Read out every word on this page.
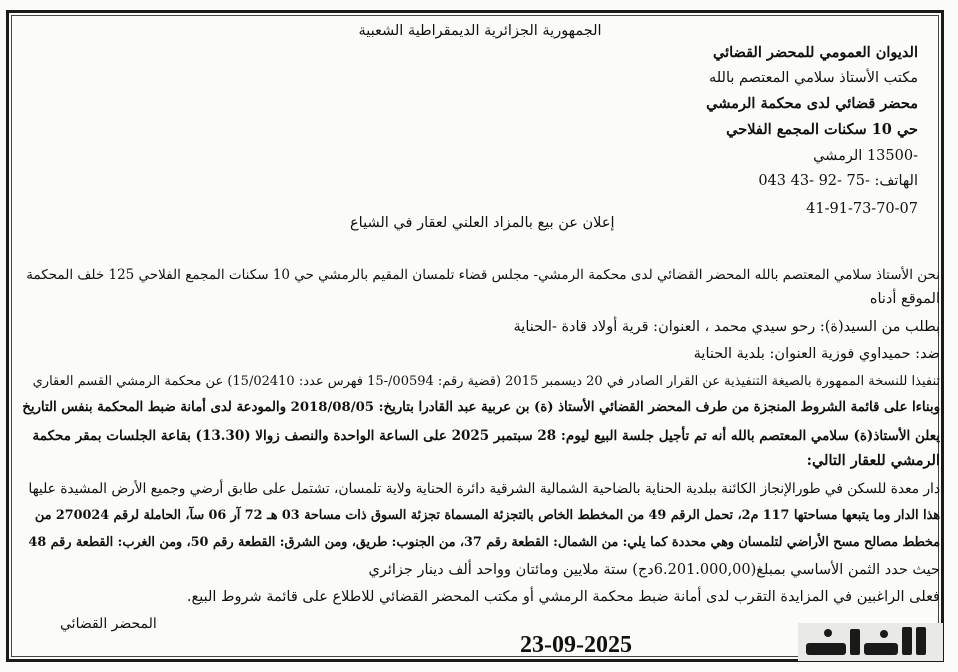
الجمهورية الجزائرية الديمقراطية الشعبية
الديوان العمومي للمحضر القضائي
مكتب الأستاذ سلامي المعتصم بالله
محضر قضائي لدى محكمة الرمشي
حي 10 سكنات المجمع الفلاحي
-13500 الرمشي
الهاتف: -75 -92 -43 043
41-91-73-70-07
إعلان عن بيع بالمزاد العلني لعقار في الشياع
نحن الأستاذ سلامي المعتصم بالله المحضر القضائي لدى محكمة الرمشي- مجلس قضاء تلمسان المقيم بالرمشي حي 10 سكنات المجمع الفلاحي 125 خلف المحكمة
الموقع أدناه
بطلب من السيد(ة): رحو سيدي محمد ، العنوان: قرية أولاد قادة -الحناية
ضد: حميداوي فوزية العنوان: بلدية الحناية
تنفيذا للنسخة الممهورة بالصيغة التنفيذية عن القرار الصادر في 20 ديسمبر 2015 (قضية رقم: 00594/-15 فهرس عدد: 15/02410) عن محكمة الرمشي القسم العقاري
وبناءا على قائمة الشروط المنجزة من طرف المحضر القضائي الأستاذ (ة) بن عربية عبد القادرا بتاريخ: 2018/08/05 والمودعة لدى أمانة ضبط المحكمة بنفس التاريخ
يعلن الأستاذ(ة) سلامي المعتصم بالله أنه تم تأجيل جلسة البيع ليوم: 28 سبتمبر 2025 على الساعة الواحدة والنصف زوالا (13.30) بقاعة الجلسات بمقر محكمة
الرمشي للعقار التالي:
دار معدة للسكن في طورالإنجاز الكائنة ببلدية الحناية بالضاحية الشمالية الشرقية دائرة الحناية ولاية تلمسان، تشتمل على طابق أرضي وجميع الأرض المشيدة عليها
هذا الدار وما يتبعها مساحتها 117 م2، تحمل الرقم 49 من المخطط الخاص بالتجزئة المسماة تجزئة السوق ذات مساحة 03 هـ 72 آر 06 سآ، الحاملة لرقم 270024 من
مخطط مصالح مسح الأراضي لتلمسان وهي محددة كما يلي: من الشمال: القطعة رقم 37، من الجنوب: طريق، ومن الشرق: القطعة رقم 50، ومن الغرب: القطعة رقم 48
حيث حدد الثمن الأساسي بمبلغ(6.201.000,00دج) ستة ملايين ومائتان وواحد ألف دينار جزائري
فعلى الراغبين في المزايدة التقرب لدى أمانة ضبط محكمة الرمشي أو مكتب المحضر القضائي للاطلاع على قائمة شروط البيع.
المحضر القضائي
23-09-2025
